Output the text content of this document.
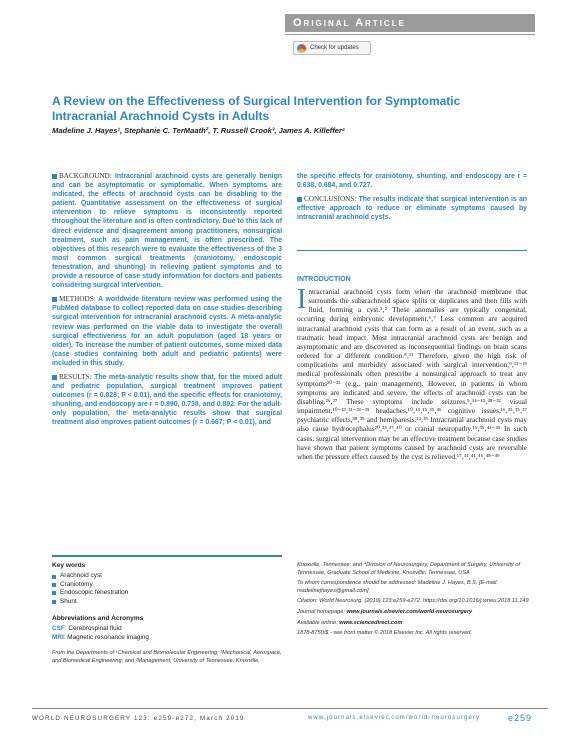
Original Article
Check for updates
A Review on the Effectiveness of Surgical Intervention for Symptomatic Intracranial Arachnoid Cysts in Adults
Madeline J. Hayes¹, Stephanie C. TerMaath², T. Russell Crook³, James A. Killeffer⁴

BACKGROUND: Intracranial arachnoid cysts are generally benign and can be asymptomatic or symptomatic. When symptoms are indicated, the effects of arachnoid cysts can be disabling to the patient. Quantitative assessment on the effectiveness of surgical intervention to relieve symptoms is inconsistently reported throughout the literature and is often contradictory. Due to this lack of direct evidence and disagreement among practitioners, nonsurgical treatment, such as pain management, is often prescribed. The objectives of this research were to evaluate the effectiveness of the 3 most common surgical treatments (craniotomy, endoscopic fenestration, and shunting) in relieving patient symptoms and to provide a resource of case study information for doctors and patients considering surgical intervention.

METHODS: A worldwide literature review was performed using the PubMed database to collect reported data on case studies describing surgical intervention for intracranial arachnoid cysts. A meta-analytic review was performed on the viable data to investigate the overall surgical effectiveness for an adult population (aged 18 years or older). To increase the number of patient outcomes, some mixed data (case studies containing both adult and pediatric patients) were included in this study.

RESULTS: The meta-analytic results show that, for the mixed adult and pediatric population, surgical treatment improves patient outcomes (r̄ = 0.828; P < 0.01), and the specific effects for craniotomy, shunting, and endoscopy are r̄ = 0.890, 0.738, and 0.892. For the adult-only population, the meta-analytic results show that surgical treatment also improves patient outcomes (r̄ = 0.667; P < 0.01), and

the specific effects for craniotomy, shunting, and endoscopy are r̄ = 0.638, 0.684, and 0.727.

CONCLUSIONS: The results indicate that surgical intervention is an effective approach to reduce or eliminate symptoms caused by intracranial arachnoid cysts.

INTRODUCTION
Intracranial arachnoid cysts form when the arachnoid membrane that surrounds the subarachnoid space splits or duplicates and then fills with fluid, forming a cyst.¹‚² These anomalies are typically congenital, occurring during embryonic development.⁶‚⁷ Less common are acquired intracranial arachnoid cysts that can form as a result of an event, such as a traumatic head impact. Most intracranial arachnoid cysts are benign and asymptomatic and are discovered as inconsequential findings on brain scans ordered for a different condition.⁸‚¹¹ Therefore, given the high risk of complications and morbidity associated with surgical intervention,⁹‚¹²⁻¹⁹ medical professionals often prescribe a nonsurgical approach to treat any symptoms²⁰⁻²⁵ (e.g., pain management). However, in patients in whom symptoms are indicated and severe, the effects of arachnoid cysts can be disabling.²⁶‚²⁷ These symptoms include seizures,⁹‚¹⁴⁻¹⁵‚²⁸⁻³² visual impairment,¹⁰⁻²³‚³¹⁻³³⁻³⁵ headaches,¹⁰‚¹⁴‚¹⁵‚³⁵‚³⁶ cognitive issues,¹⁶‚²⁵‚³⁵‚³⁷ psychiatric effects,³⁸‚³⁹ and hemiparesis.²²‚³⁵ Intracranial arachnoid cysts may also cause hydrocephalus²⁰‚²³‚³⁷‚⁴⁰ or cranial neuropathy.¹⁵‚³⁵‚⁴¹⁻⁴⁵ In such cases, surgical intervention may be an effective treatment because case studies have shown that patient symptoms caused by arachnoid cysts are reversible when the pressure effect caused by the cyst is relieved.¹⁷‚³¹‚⁴¹‚⁴⁶‚⁴⁸⁻⁴⁹
Key words
Arachnoid cyst
Craniotomy
Endoscopic fenestration
Shunt
Abbreviations and Acronyms
CSF: Cerebrospinal fluid
MRI: Magnetic resonance imaging
From the Departments of ¹Chemical and Biomolecular Engineering; ²Mechanical, Aerospace, and Biomedical Engineering; and ³Management, University of Tennessee, Knoxville,

Knoxville, Tennessee; and ⁴Division of Neurosurgery, Department of Surgery, University of Tennessee, Graduate School of Medicine, Knoxville, Tennessee, USA

To whom correspondence should be addressed: Madeline J. Hayes, B.S. [E-mail: madelinejhayes@gmail.com]

Citation: World Neurosurg. (2019) 123:e259-e272. https://doi.org/10.1016/j.wneu.2018.11.149

Journal homepage: www.journals.elsevier.com/world-neurosurgery

Available online: www.sciencedirect.com

1878-8750/$ - see front matter © 2018 Elsevier Inc. All rights reserved.

WORLD NEUROSURGERY 123: e259-e272, March 2019	www.journals.elsevier.com/world-neurosurgery	e259
